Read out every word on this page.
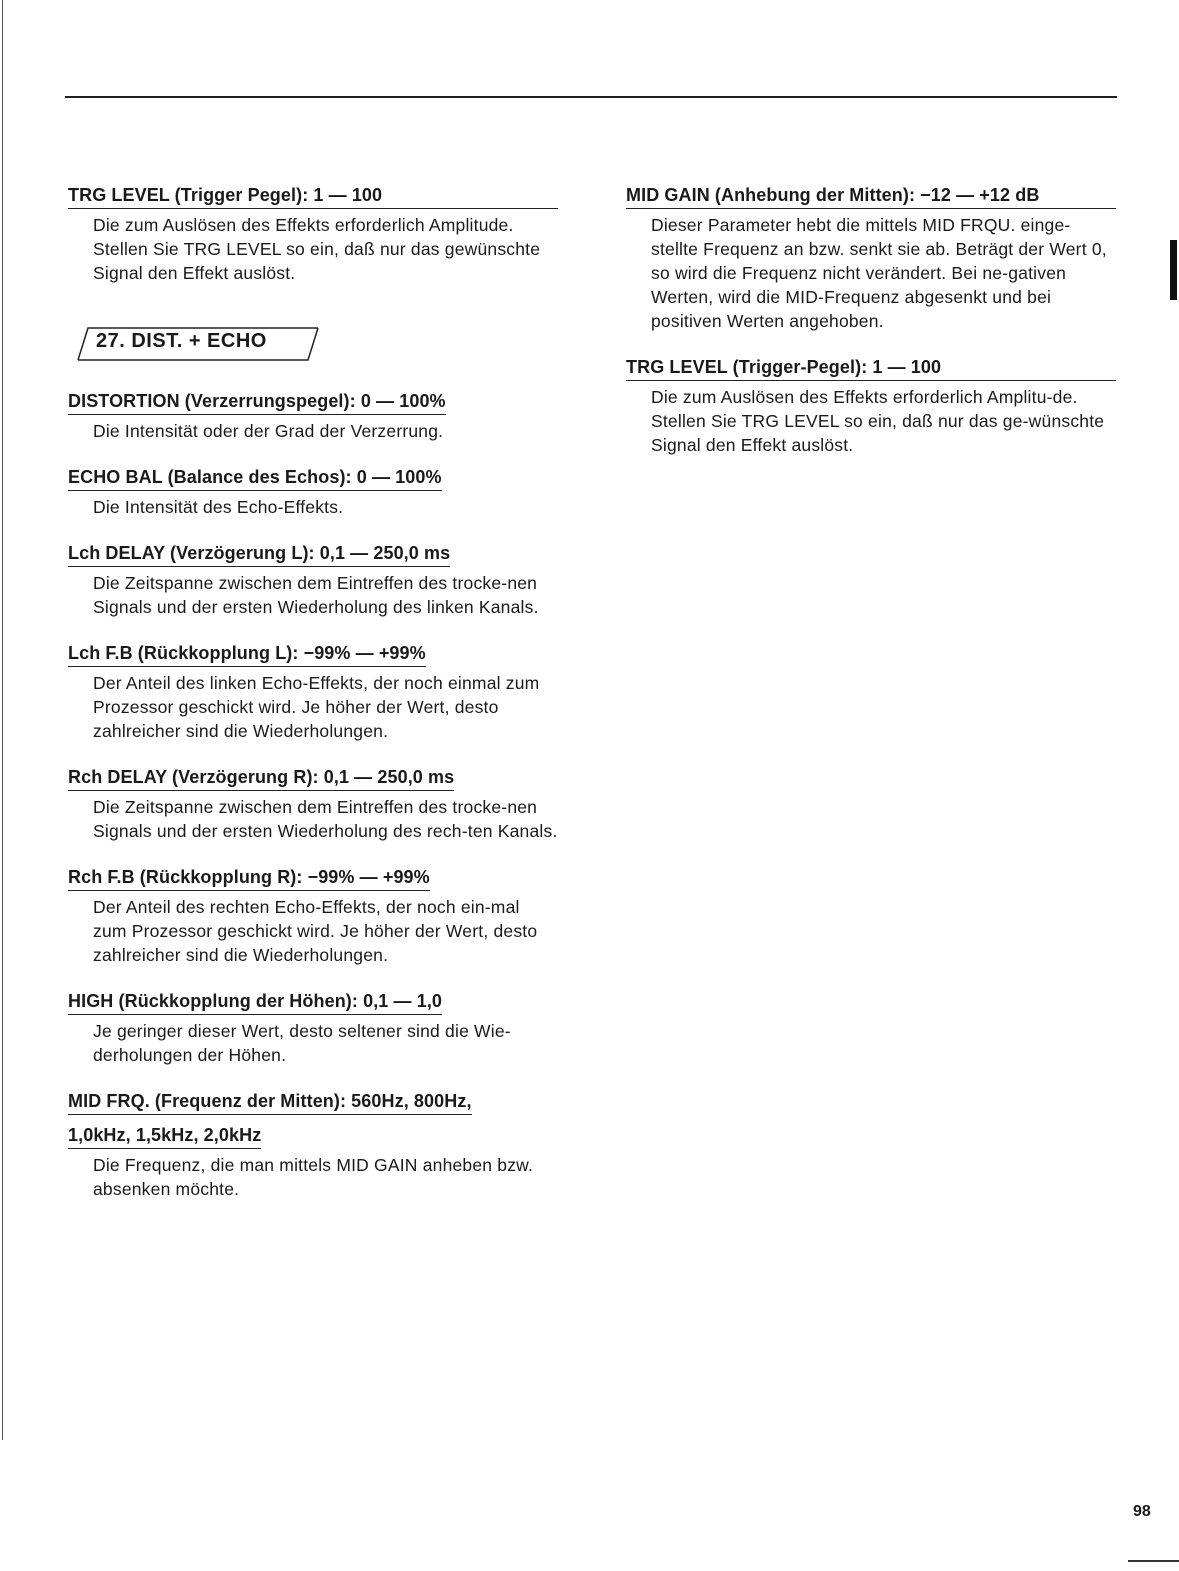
TRG LEVEL (Trigger Pegel): 1 — 100
Die zum Auslösen des Effekts erforderlich Amplitude. Stellen Sie TRG LEVEL so ein, daß nur das gewünschte Signal den Effekt auslöst.
27. DIST. + ECHO
DISTORTION (Verzerrungspegel): 0 — 100%
Die Intensität oder der Grad der Verzerrung.
ECHO BAL (Balance des Echos): 0 — 100%
Die Intensität des Echo-Effekts.
Lch DELAY (Verzögerung L): 0,1 — 250,0 ms
Die Zeitspanne zwischen dem Eintreffen des trocke-nen Signals und der ersten Wiederholung des linken Kanals.
Lch F.B (Rückkopplung L): −99% — +99%
Der Anteil des linken Echo-Effekts, der noch einmal zum Prozessor geschickt wird. Je höher der Wert, desto zahlreicher sind die Wiederholungen.
Rch DELAY (Verzögerung R): 0,1 — 250,0 ms
Die Zeitspanne zwischen dem Eintreffen des trocke-nen Signals und der ersten Wiederholung des rech-ten Kanals.
Rch F.B (Rückkopplung R): −99% — +99%
Der Anteil des rechten Echo-Effekts, der noch ein-mal zum Prozessor geschickt wird. Je höher der Wert, desto zahlreicher sind die Wiederholungen.
HIGH (Rückkopplung der Höhen): 0,1 — 1,0
Je geringer dieser Wert, desto seltener sind die Wie-derholungen der Höhen.
MID FRQ. (Frequenz der Mitten): 560Hz, 800Hz,
1,0kHz, 1,5kHz, 2,0kHz
Die Frequenz, die man mittels MID GAIN anheben bzw. absenken möchte.
MID GAIN (Anhebung der Mitten): −12 — +12 dB
Dieser Parameter hebt die mittels MID FRQU. einge-stellte Frequenz an bzw. senkt sie ab. Beträgt der Wert 0, so wird die Frequenz nicht verändert. Bei ne-gativen Werten, wird die MID-Frequenz abgesenkt und bei positiven Werten angehoben.
TRG LEVEL (Trigger-Pegel): 1 — 100
Die zum Auslösen des Effekts erforderlich Amplitu-de. Stellen Sie TRG LEVEL so ein, daß nur das ge-wünschte Signal den Effekt auslöst.
98
